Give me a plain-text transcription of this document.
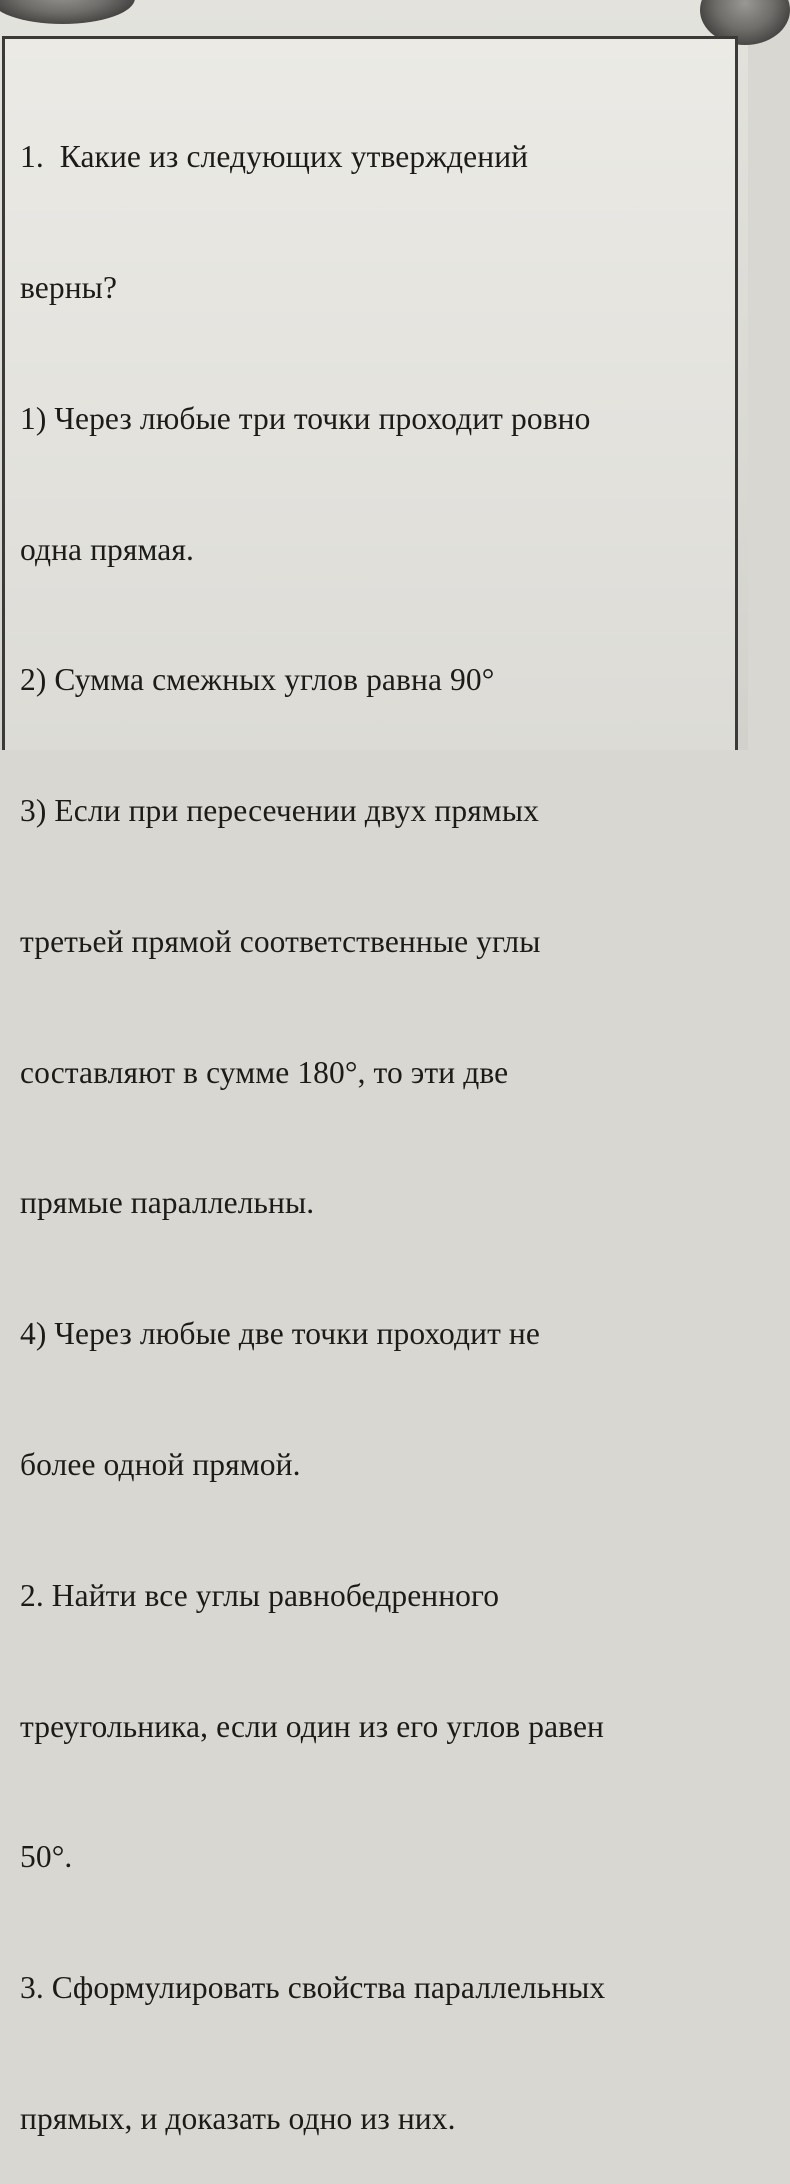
1.  Какие из следующих утверждений

верны?

1) Через любые три точки проходит ровно

одна прямая.

2) Сумма смежных углов равна 90°

3) Если при пересечении двух прямых

третьей прямой соответственные углы

составляют в сумме 180°, то эти две

прямые параллельны.

4) Через любые две точки проходит не

более одной прямой.

2. Найти все углы равнобедренного

треугольника, если один из его углов равен

50°.

3. Сформулировать свойства параллельных

прямых, и доказать одно из них.
